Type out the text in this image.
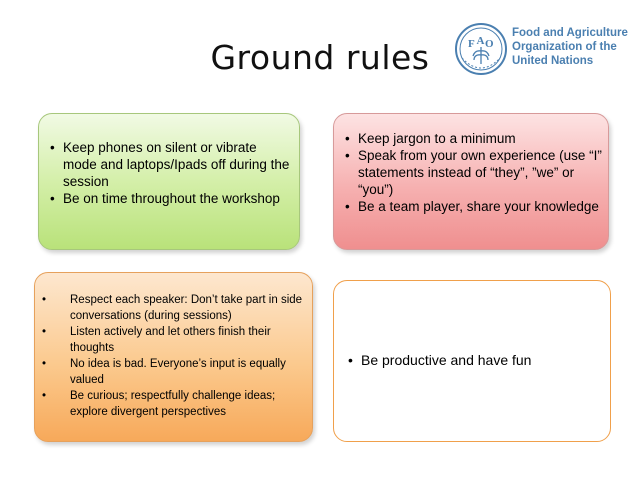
Ground rules	F A O
Food and Agriculture
Organization of the
United Nations
• Keep phones on silent or vibrate mode and laptops/Ipads off during the session
• Be on time throughout the workshop
• Keep jargon to a minimum
• Speak from your own experience (use “I” statements instead of “they”, ”we” or “you”)
• Be a team player, share your knowledge
• Respect each speaker: Don’t take part in side conversations (during sessions)
• Listen actively and let others finish their thoughts
• No idea is bad. Everyone’s input is equally valued
• Be curious; respectfully challenge ideas; explore divergent perspectives
• Be productive and have fun
